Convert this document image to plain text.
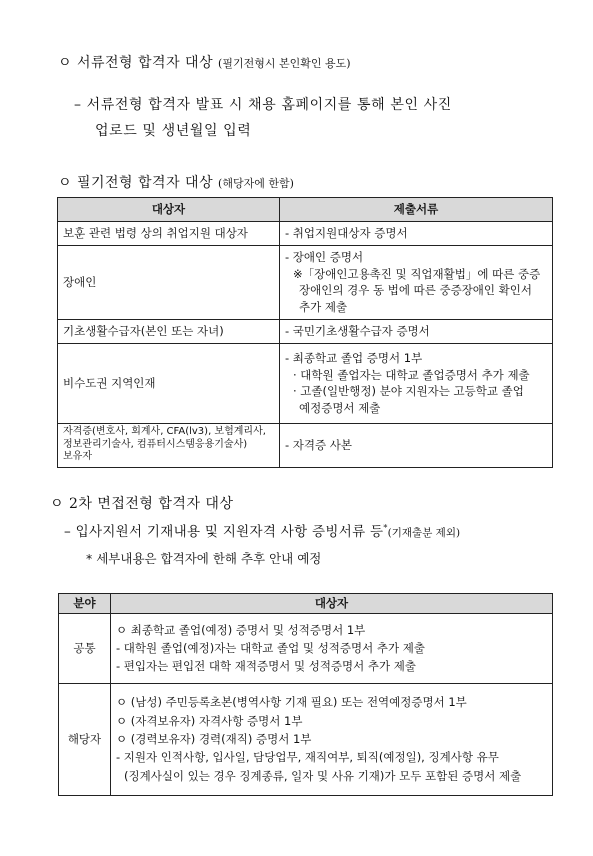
ㅇ 서류전형 합격자 대상 (필기전형시 본인확인 용도)
– 서류전형 합격자 발표 시 채용 홈페이지를 통해 본인 사진
업로드 및 생년월일 입력
ㅇ 필기전형 합격자 대상 (해당자에 한함)
대상자	제출서류
보훈 관련 법령 상의 취업지원 대상자	- 취업지원대상자 증명서

장애인	- 장애인 증명서
※「장애인고용촉진 및 직업재활법」에 따른 중증
장애인의 경우 동 법에 따른 중증장애인 확인서
추가 제출

기초생활수급자(본인 또는 자녀)	- 국민기초생활수급자 증명서

비수도권 지역인재	- 최종학교 졸업 증명서 1부
· 대학원 졸업자는 대학교 졸업증명서 추가 제출
· 고졸(일반행정) 분야 지원자는 고등학교 졸업
예정증명서 제출

자격증(변호사, 회계사, CFA(lv3), 보험계리사,
정보관리기술사, 컴퓨터시스템응용기술사)
보유자	- 자격증 사본
ㅇ 2차 면접전형 합격자 대상
– 입사지원서 기재내용 및 지원자격 사항 증빙서류 등*(기재출분 제외)
* 세부내용은 합격자에 한해 추후 안내 예정
분야	대상자
공통	ㅇ 최종학교 졸업(예정) 증명서 및 성적증명서 1부
- 대학원 졸업(예정)자는 대학교 졸업 및 성적증명서 추가 제출
- 편입자는 편입전 대학 재적증명서 및 성적증명서 추가 제출

해당자	ㅇ (남성) 주민등록초본(병역사항 기재 필요) 또는 전역예정증명서 1부
ㅇ (자격보유자) 자격사항 증명서 1부
ㅇ (경력보유자) 경력(재직) 증명서 1부
- 지원자 인적사항, 입사일, 담당업무, 재직여부, 퇴직(예정일), 징계사항 유무
(징계사실이 있는 경우 징계종류, 일자 및 사유 기재)가 모두 포함된 증명서 제출
